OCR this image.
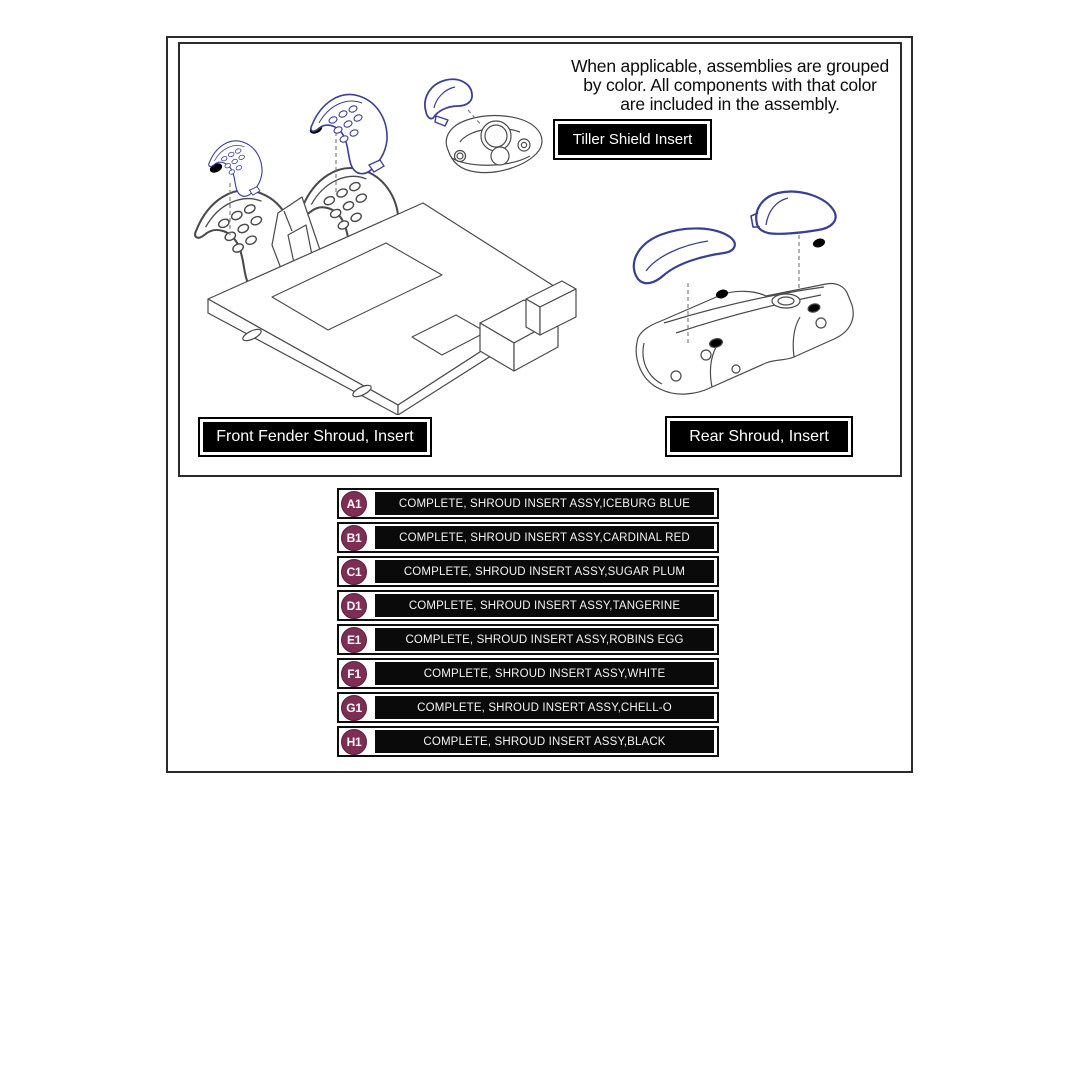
When applicable, assemblies are grouped
by color. All components with that color
are included in the assembly.
Tiller Shield Insert
Front Fender Shroud, Insert	Rear Shroud, Insert
A1	COMPLETE, SHROUD INSERT ASSY,ICEBURG BLUE
B1	COMPLETE, SHROUD INSERT ASSY,CARDINAL RED
C1	COMPLETE, SHROUD INSERT ASSY,SUGAR PLUM
D1	COMPLETE, SHROUD INSERT ASSY,TANGERINE
E1	COMPLETE, SHROUD INSERT ASSY,ROBINS EGG
F1	COMPLETE, SHROUD INSERT ASSY,WHITE
G1	COMPLETE, SHROUD INSERT ASSY,CHELL-O
H1	COMPLETE, SHROUD INSERT ASSY,BLACK
